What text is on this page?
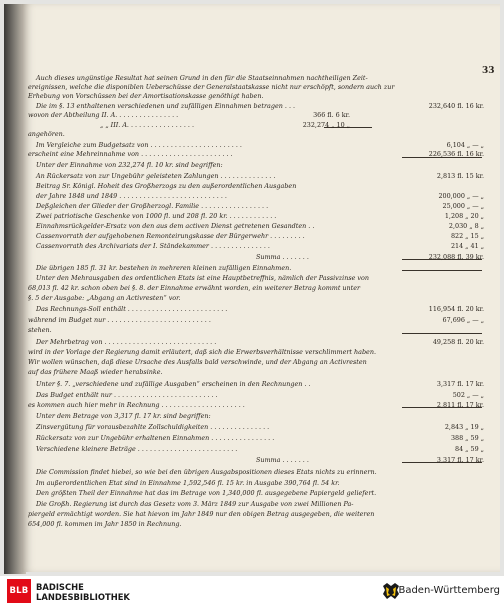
33
Auch dieses ungünstige Resultat hat seinen Grund in den für die Staatseinnahmen nachtheiligen Zeit-
ereignissen, welche die disponiblen Ueberschüsse der Generalstaatskasse nicht nur erschöpft, sondern auch zur
Erhebung von Vorschüssen bei der Amortisationskasse genöthigt haben.
Die im §. 13 enthaltenen verschiedenen und zufälligen Einnahmen betragen . . .
wovon der Abtheilung II. A. . . . . . . . . . . . . . . .
„ „ III. A. . . . . . . . . . . . . . . . .
angehören.
Im Vergleiche zum Budgetsatz von . . . . . . . . . . . . . . . . . . . . . . .
erscheint eine Mehreinnahme von . . . . . . . . . . . . . . . . . . . . . . .
Unter der Einnahme von 232,274 fl. 10 kr. sind begriffen:
An Rückersatz von zur Ungebühr geleisteten Zahlungen . . . . . . . . . . . . . .
Beitrag Sr. Königl. Hoheit des Großherzogs zu den außerordentlichen Ausgaben
der Jahre 1848 und 1849 . . . . . . . . . . . . . . . . . . . . . . . . . . .
Deßgleichen der Glieder der Großherzogl. Familie . . . . . . . . . . . . . . . . .
Zwei patriotische Geschenke von 1000 fl. und 208 fl. 20 kr. . . . . . . . . . . . .
Einnahmsrückgelder-Ersatz von den aus dem activen Dienst getretenen Gesandten . .
Cassenvorrath der aufgehobenen Remonteirungskasse der Bürgerwehr . . . . . . . . .
Cassenvorrath des Archivariats der I. Ständekammer . . . . . . . . . . . . . . .
Summa . . . . . . .
Die übrigen 185 fl. 31 kr. bestehen in mehreren kleinen zufälligen Einnahmen.
Unter den Mehrausgaben des ordentlichen Etats ist eine Hauptbetreffnis, nämlich der Passivzinse von
68,013 fl. 42 kr. schon oben bei §. 8. der Einnahme erwähnt worden, ein weiterer Betrag kommt unter
§. 5 der Ausgabe: „Abgang an Activresten“ vor.
Das Rechnungs-Soll enthält . . . . . . . . . . . . . . . . . . . . . . . . .
während im Budget nur . . . . . . . . . . . . . . . . . . . . . . . . . .
stehen.
Der Mehrbetrag von . . . . . . . . . . . . . . . . . . . . . . . . . . . .
wird in der Vorlage der Regierung damit erläutert, daß sich die Erwerbsverhältnisse verschlimmert haben.
Wir wollen wünschen, daß diese Ursache des Ausfalls bald verschwinde, und der Abgang an Activresten
auf das frühere Maaß wieder herabsinke.
Unter §. 7. „verschiedene und zufällige Ausgaben“ erscheinen in den Rechnungen . .
Das Budget enthält nur . . . . . . . . . . . . . . . . . . . . . . . . . .
es kommen auch hier mehr in Rechnung . . . . . . . . . . . . . . . . . . . . .
Unter dem Betrage von 3,317 fl. 17 kr. sind begriffen:
Zinsvergütung für vorausbezahlte Zollschuldigkeiten . . . . . . . . . . . . . . .
Rückersatz von zur Ungebühr erhaltenen Einnahmen . . . . . . . . . . . . . . . .
Verschiedene kleinere Beträge . . . . . . . . . . . . . . . . . . . . . . . . .
Summa . . . . . . .
Die Commission findet hiebei, so wie bei den übrigen Ausgabspositionen dieses Etats nichts zu erinnern.
Im außerordentlichen Etat sind in Einnahme 1,592,546 fl. 15 kr. in Ausgabe 390,764 fl. 54 kr.
Den größten Theil der Einnahme hat das im Betrage von 1,340,000 fl. ausgegebene Papiergeld geliefert.
Die Großh. Regierung ist durch das Gesetz vom 3. März 1849 zur Ausgabe von zwei Millionen Pa-
piergeld ermächtigt worden. Sie hat hievon im Jahr 1849 nur den obigen Betrag ausgegeben, die weiteren
654,000 fl. kommen im Jahr 1850 in Rechnung.
232,640 fl. 16 kr.
366 fl. 6 kr.
232,274 „ 10 „
6,104 „ — „
226,536 fl. 16 kr.
2,813 fl. 15 kr.
200,000 „ — „
25,000 „ — „
1,208 „ 20 „
2,030 „ 8 „
822 „ 15 „
214 „ 41 „
232,088 fl. 39 kr.
116,954 fl. 20 kr.
67,696 „ — „
49,258 fl. 20 kr.
3,317 fl. 17 kr.
502 „ — „
2,811 fl. 17 kr.
2,843 „ 19 „
388 „ 59 „
84 „ 59 „
3,317 fl. 17 kr.
BLB BADISCHE
LANDESBIBLIOTHEK
Baden-Württemberg
